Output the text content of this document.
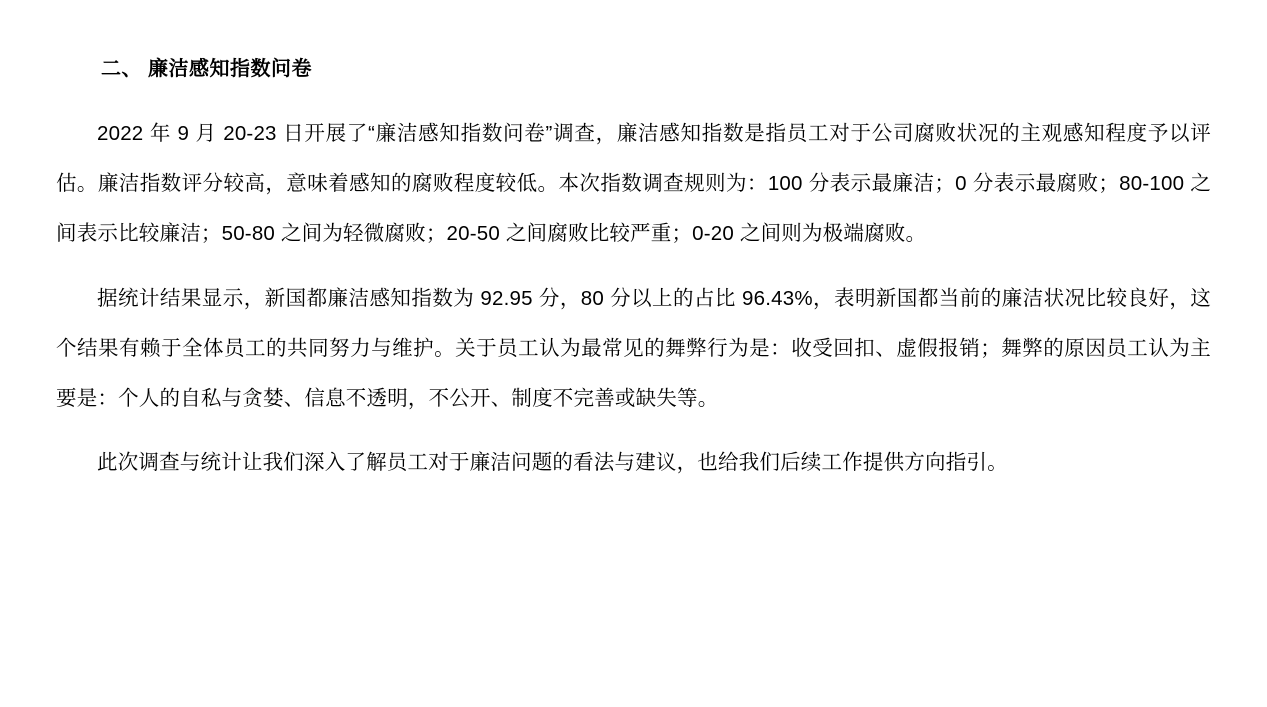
二、 廉洁感知指数问卷

2022 年 9 月 20-23 日开展了“廉洁感知指数问卷”调查，廉洁感知指数是指员工对于公司腐败状况的主观感知程度予以评估。廉洁指数评分较高，意味着感知的腐败程度较低。本次指数调查规则为：100 分表示最廉洁；0 分表示最腐败；80-100 之间表示比较廉洁；50-80 之间为轻微腐败；20-50 之间腐败比较严重；0-20 之间则为极端腐败。

据统计结果显示，新国都廉洁感知指数为 92.95 分，80 分以上的占比 96.43%，表明新国都当前的廉洁状况比较良好，这个结果有赖于全体员工的共同努力与维护。关于员工认为最常见的舞弊行为是：收受回扣、虚假报销；舞弊的原因员工认为主要是：个人的自私与贪婪、信息不透明，不公开、制度不完善或缺失等。

此次调查与统计让我们深入了解员工对于廉洁问题的看法与建议，也给我们后续工作提供方向指引。
